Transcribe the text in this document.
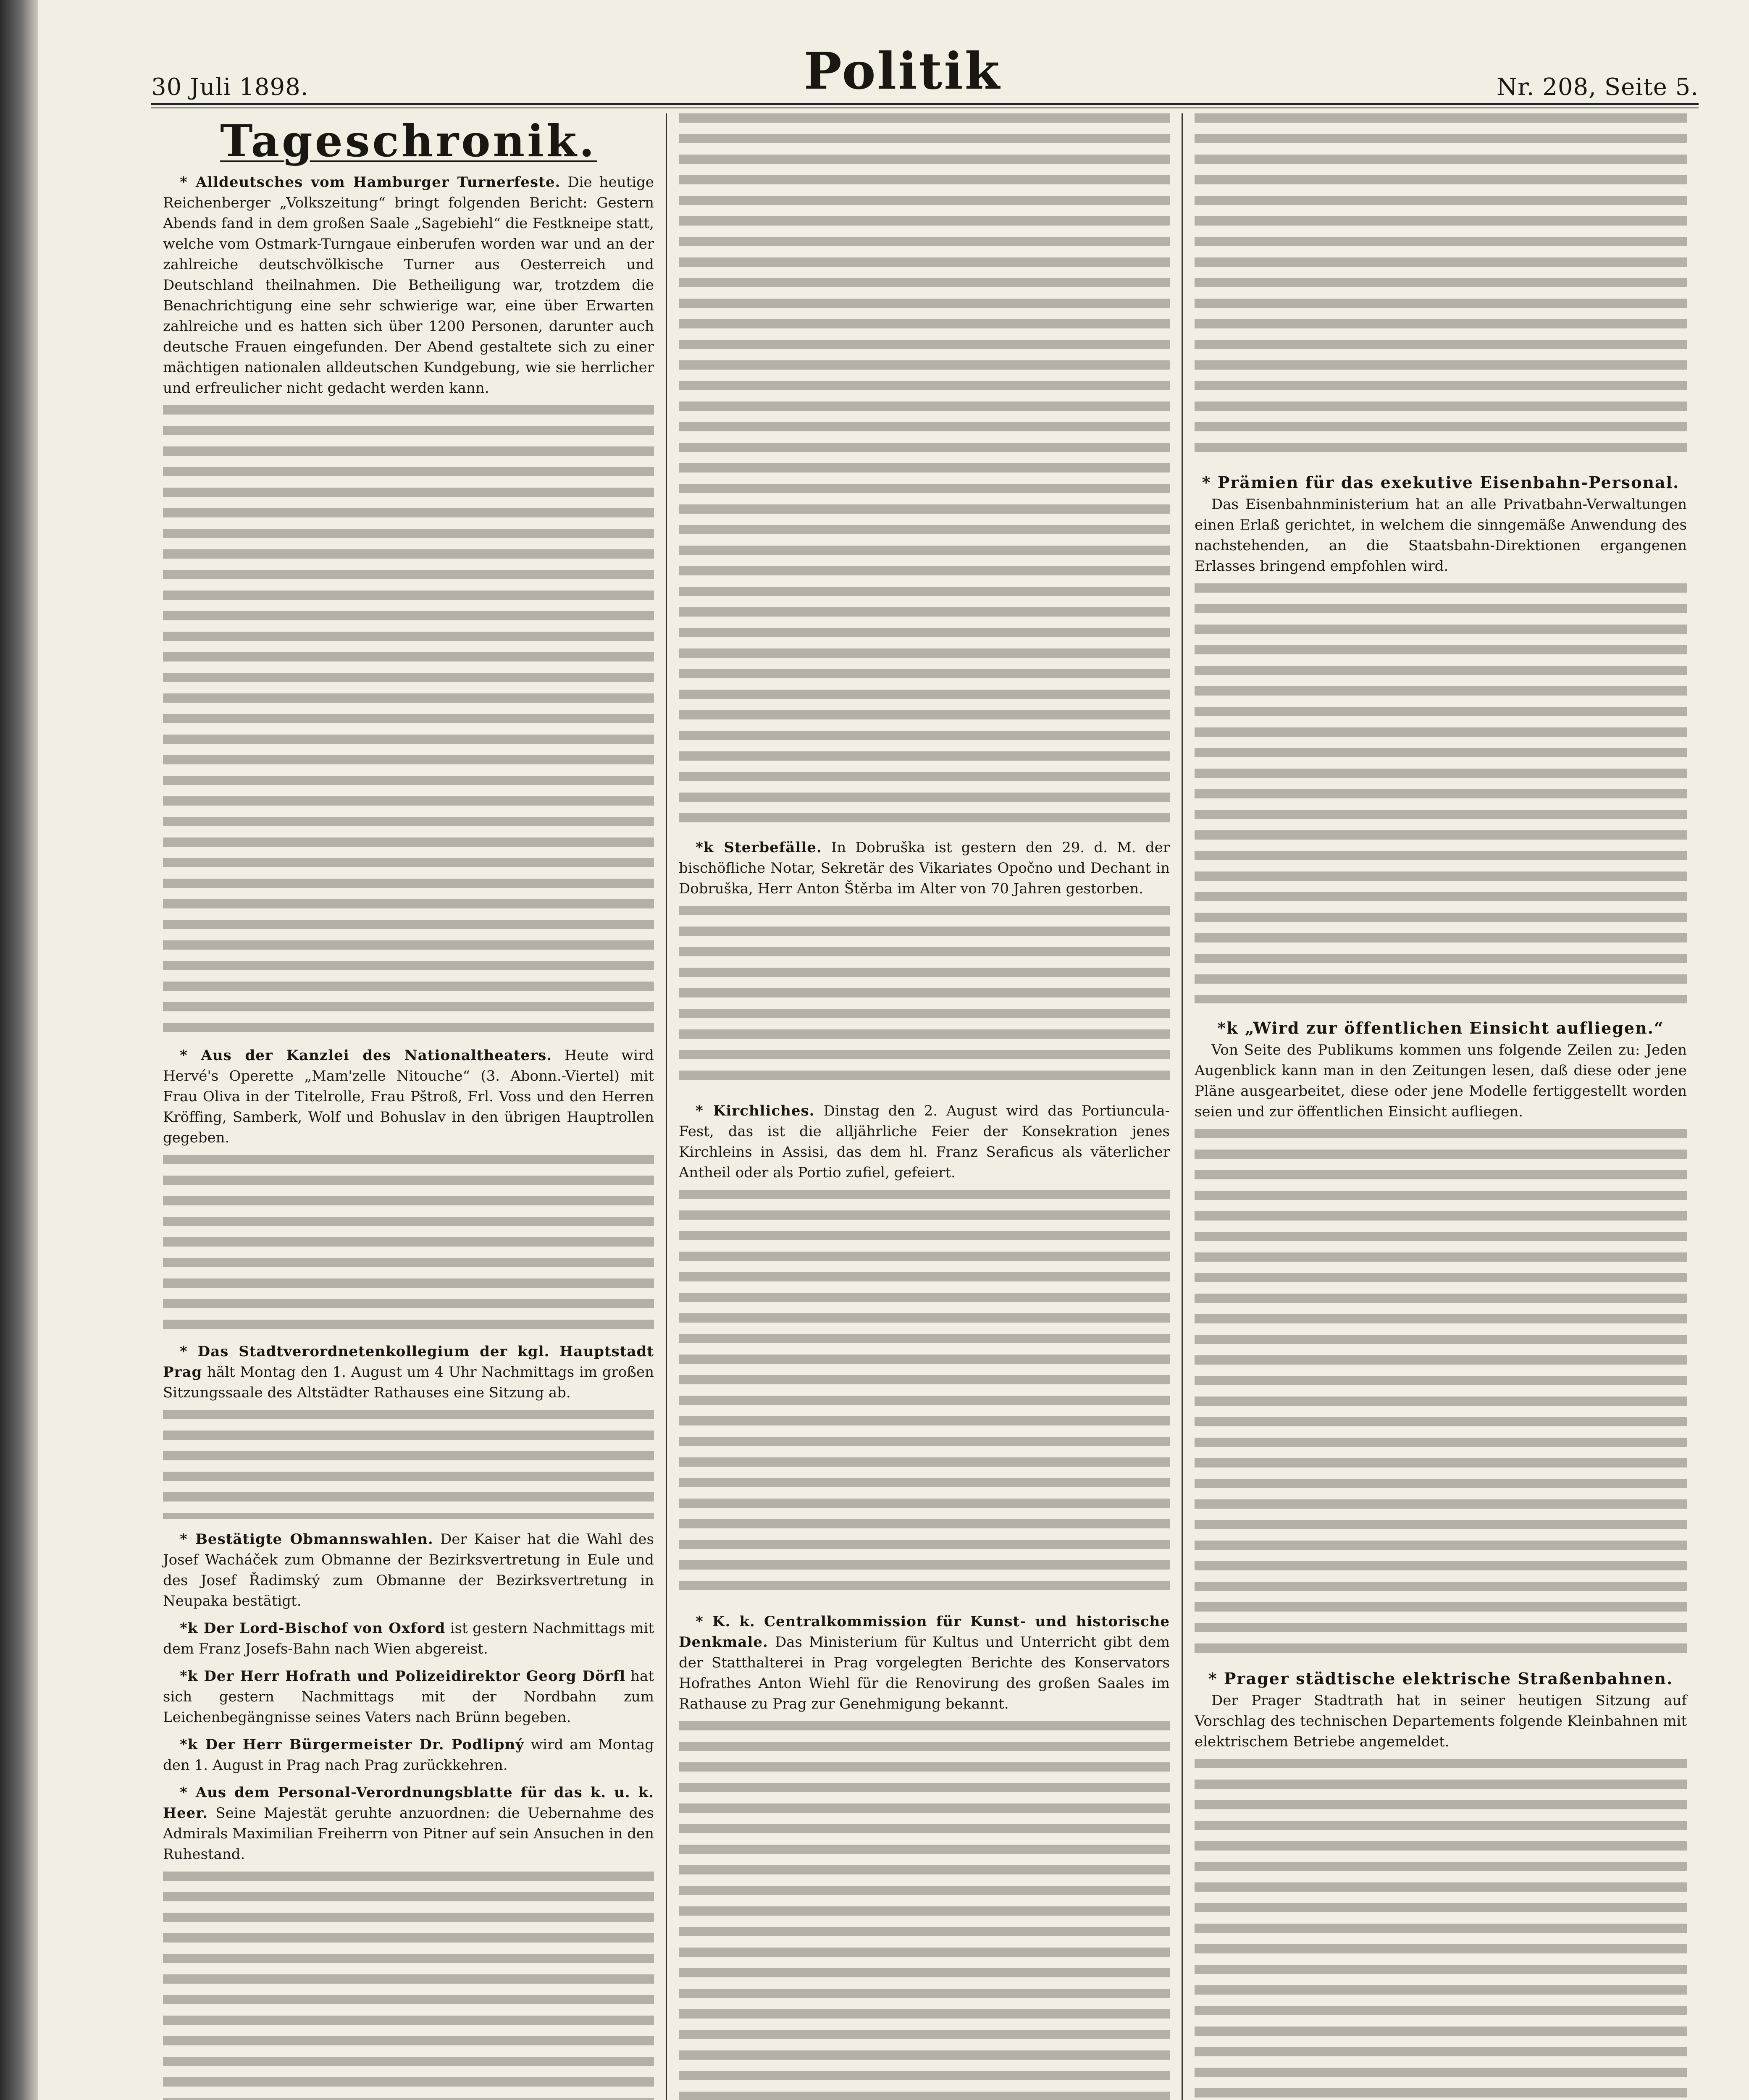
30 Juli 1898.	Politik	Nr. 208, Seite 5.
Tageschronik.

* Alldeutsches vom Hamburger Turnerfeste. Die heutige Reichenberger „Volkszeitung“ bringt folgenden Bericht: Gestern Abends fand in dem großen Saale „Sagebiehl“ die Festkneipe statt, welche vom Ostmark-Turngaue einberufen worden war und an der zahlreiche deutschvölkische Turner aus Oesterreich und Deutschland theilnahmen. Die Betheiligung war, trotzdem die Benachrichtigung eine sehr schwierige war, eine über Erwarten zahlreiche und es hatten sich über 1200 Personen, darunter auch deutsche Frauen eingefunden. Der Abend gestaltete sich zu einer mächtigen nationalen alldeutschen Kundgebung, wie sie herrlicher und erfreulicher nicht gedacht werden kann.

* Aus der Kanzlei des Nationaltheaters. Heute wird Hervé's Operette „Mam'zelle Nitouche“ (3. Abonn.-Viertel) mit Frau Oliva in der Titelrolle, Frau Pštroß, Frl. Voss und den Herren Kröffing, Samberk, Wolf und Bohuslav in den übrigen Hauptrollen gegeben.

* Das Stadtverordnetenkollegium der kgl. Hauptstadt Prag hält Montag den 1. August um 4 Uhr Nachmittags im großen Sitzungssaale des Altstädter Rathauses eine Sitzung ab.

* Bestätigte Obmannswahlen. Der Kaiser hat die Wahl des Josef Wacháček zum Obmanne der Bezirksvertretung in Eule und des Josef Řadimský zum Obmanne der Bezirksvertretung in Neupaka bestätigt.

*k Der Lord-Bischof von Oxford ist gestern Nachmittags mit dem Franz Josefs-Bahn nach Wien abgereist.

*k Der Herr Hofrath und Polizeidirektor Georg Dörfl hat sich gestern Nachmittags mit der Nordbahn zum Leichenbegängnisse seines Vaters nach Brünn begeben.

*k Der Herr Bürgermeister Dr. Podlipný wird am Montag den 1. August in Prag nach Prag zurückkehren.

* Aus dem Personal-Verordnungsblatte für das k. u. k. Heer. Seine Majestät geruhte anzuordnen: die Uebernahme des Admirals Maximilian Freiherrn von Pitner auf sein Ansuchen in den Ruhestand.

*k Sterbefälle. In Dobruška ist gestern den 29. d. M. der bischöfliche Notar, Sekretär des Vikariates Opočno und Dechant in Dobruška, Herr Anton Štěrba im Alter von 70 Jahren gestorben.

* Kirchliches. Dinstag den 2. August wird das Portiuncula-Fest, das ist die alljährliche Feier der Konsekration jenes Kirchleins in Assisi, das dem hl. Franz Seraficus als väterlicher Antheil oder als Portio zufiel, gefeiert.

* K. k. Centralkommission für Kunst- und historische Denkmale. Das Ministerium für Kultus und Unterricht gibt dem der Statthalterei in Prag vorgelegten Berichte des Konservators Hofrathes Anton Wiehl für die Renovirung des großen Saales im Rathause zu Prag zur Genehmigung bekannt.

* Prämien für das exekutive Eisenbahn-Personal.

Das Eisenbahnministerium hat an alle Privatbahn-Verwaltungen einen Erlaß gerichtet, in welchem die sinngemäße Anwendung des nachstehenden, an die Staatsbahn-Direktionen ergangenen Erlasses bringend empfohlen wird.

*k „Wird zur öffentlichen Einsicht aufliegen.“

Von Seite des Publikums kommen uns folgende Zeilen zu: Jeden Augenblick kann man in den Zeitungen lesen, daß diese oder jene Pläne ausgearbeitet, diese oder jene Modelle fertiggestellt worden seien und zur öffentlichen Einsicht aufliegen.

* Prager städtische elektrische Straßenbahnen.

Der Prager Stadtrath hat in seiner heutigen Sitzung auf Vorschlag des technischen Departements folgende Kleinbahnen mit elektrischem Betriebe angemeldet.
